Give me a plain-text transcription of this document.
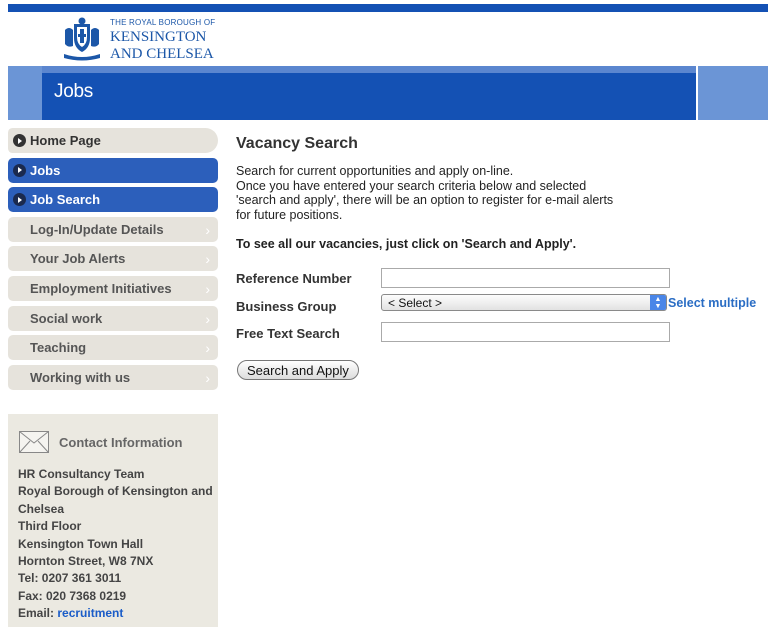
THE ROYAL BOROUGH OF
KENSINGTON
AND CHELSEA
Jobs
Home Page
Jobs
Job Search
Log-In/Update Details	›
Your Job Alerts	›
Employment Initiatives ›
Social work	›
Teaching	›
Working with us	›
Contact Information
HR Consultancy Team
Royal Borough of Kensington and Chelsea
Third Floor
Kensington Town Hall
Hornton Street, W8 7NX
Tel: 0207 361 3011
Fax: 020 7368 0219
Email: recruitment
Vacancy Search
Search for current opportunities and apply on-line.
Once you have entered your search criteria below and selected 'search and apply', there will be an option to register for e-mail alerts for future positions.
To see all our vacancies, just click on 'Search and Apply'.
Reference Number
Business Group	< Select >	▲
▼ Select multiple
Free Text Search
Search and Apply
